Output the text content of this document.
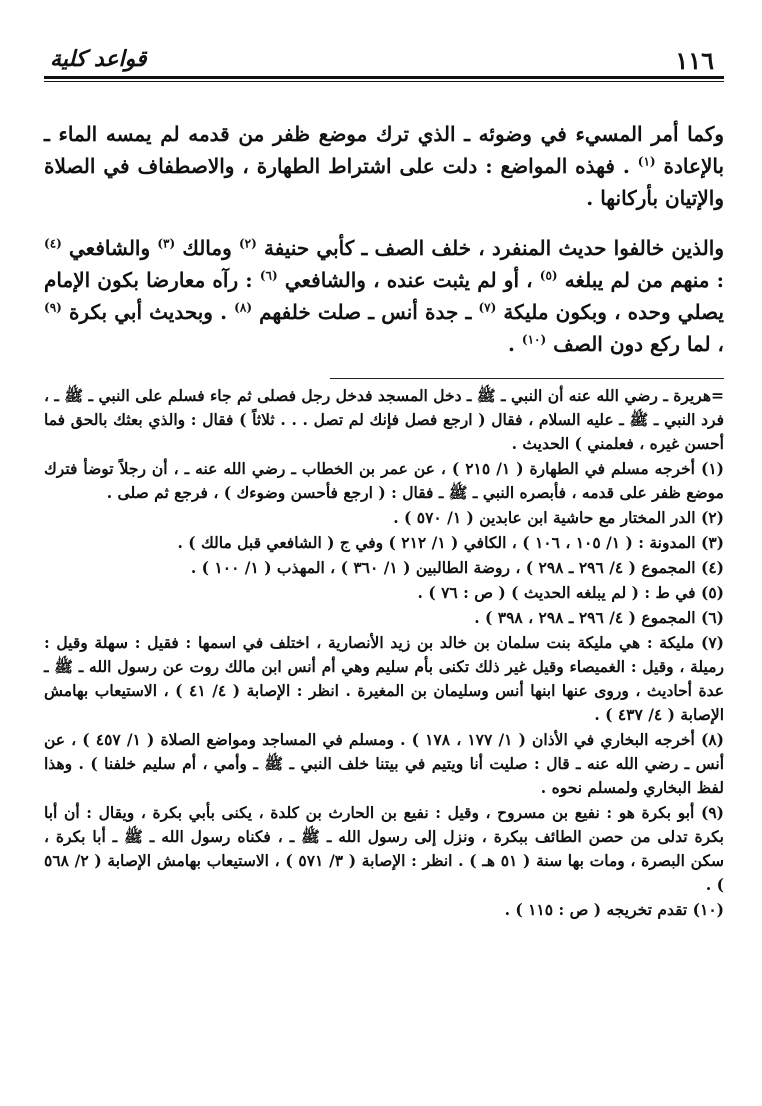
١١٦
قواعد كلية

وكما أمر المسيء في وضوئه ـ الذي ترك موضع ظفر من قدمه لم يمسه الماء ـ بالإعادة $^{(١)}$ . فهذه المواضع : دلت على اشتراط الطهارة ، والاصطفاف في الصلاة والإتيان بأركانها .

والذين خالفوا حديث المنفرد ، خلف الصف ـ كأبي حنيفة $^{(٢)}$ ومالك $^{(٣)}$ والشافعي $^{(٤)}$ : منهم من لم يبلغه $^{(٥)}$ ، أو لم يثبت عنده ، والشافعي $^{(٦)}$ : رآه معارضا بكون الإمام يصلي وحده ، وبكون مليكة $^{(٧)}$ ـ جدة أنس ـ صلت خلفهم $^{(٨)}$ . وبحديث أبي بكرة $^{(٩)}$ ، لما ركع دون الصف $^{(١٠)}$ .

=هريرة ـ رضي الله عنه أن النبي ـ ﷺ ـ دخل المسجد فدخل رجل فصلى ثم جاء فسلم على النبي ـ ﷺ ـ ، فرد النبي ـ ﷺ ـ عليه السلام ، فقال ( ارجع فصل فإنك لم تصل . . . ثلاثاً ) فقال : والذي بعثك بالحق فما أحسن غيره ، فعلمني ) الحديث .
(١) أخرجه مسلم في الطهارة ( ١/ ٢١٥ ) ، عن عمر بن الخطاب ـ رضي الله عنه ـ ، أن رجلاً توضأ فترك موضع ظفر على قدمه ، فأبصره النبي ـ ﷺ ـ فقال : ( ارجع فأحسن وضوءك ) ، فرجع ثم صلى .
(٢) الدر المختار مع حاشية ابن عابدين ( ١/ ٥٧٠ ) .
(٣) المدونة : ( ١/ ١٠٥ ، ١٠٦ ) ، الكافي ( ١/ ٢١٢ ) وفي ج ( الشافعي قبل مالك ) .
(٤) المجموع ( ٤/ ٢٩٦ ـ ٢٩٨ ) ، روضة الطالبين ( ١/ ٣٦٠ ) ، المهذب ( ١/ ١٠٠ ) .
(٥) في ط : ( لم يبلغه الحديث ) ( ص : ٧٦ ) .
(٦) المجموع ( ٤/ ٢٩٦ ـ ٢٩٨ ، ٣٩٨ ) .
(٧) مليكة : هي مليكة بنت سلمان بن خالد بن زيد الأنصارية ، اختلف في اسمها : فقيل : سهلة وقيل : رميلة ، وقيل : الغميصاء وقيل غير ذلك تكنى بأم سليم وهي أم أنس ابن مالك روت عن رسول الله ـ ﷺ ـ عدة أحاديث ، وروى عنها ابنها أنس وسليمان بن المغيرة . انظر : الإصابة ( ٤/ ٤١ ) ، الاستيعاب بهامش الإصابة ( ٤/ ٤٣٧ ) .
(٨) أخرجه البخاري في الأذان ( ١/ ١٧٧ ، ١٧٨ ) . ومسلم في المساجد ومواضع الصلاة ( ١/ ٤٥٧ ) ، عن أنس ـ رضي الله عنه ـ قال : صليت أنا ويتيم في بيتنا خلف النبي ـ ﷺ ـ وأمي ، أم سليم خلفنا ) . وهذا لفظ البخاري ولمسلم نحوه .
(٩) أبو بكرة هو : نفيع بن مسروح ، وقيل : نفيع بن الحارث بن كلدة ، يكنى بأبي بكرة ، ويقال : أن أبا بكرة تدلى من حصن الطائف ببكرة ، ونزل إلى رسول الله ـ ﷺ ـ ، فكناه رسول الله ـ ﷺ ـ أبا بكرة ، سكن البصرة ، ومات بها سنة ( ٥١ هـ ) . انظر : الإصابة ( ٣/ ٥٧١ ) ، الاستيعاب بهامش الإصابة ( ٢/ ٥٦٨ ) .
(١٠) تقدم تخريجه ( ص : ١١٥ ) .
